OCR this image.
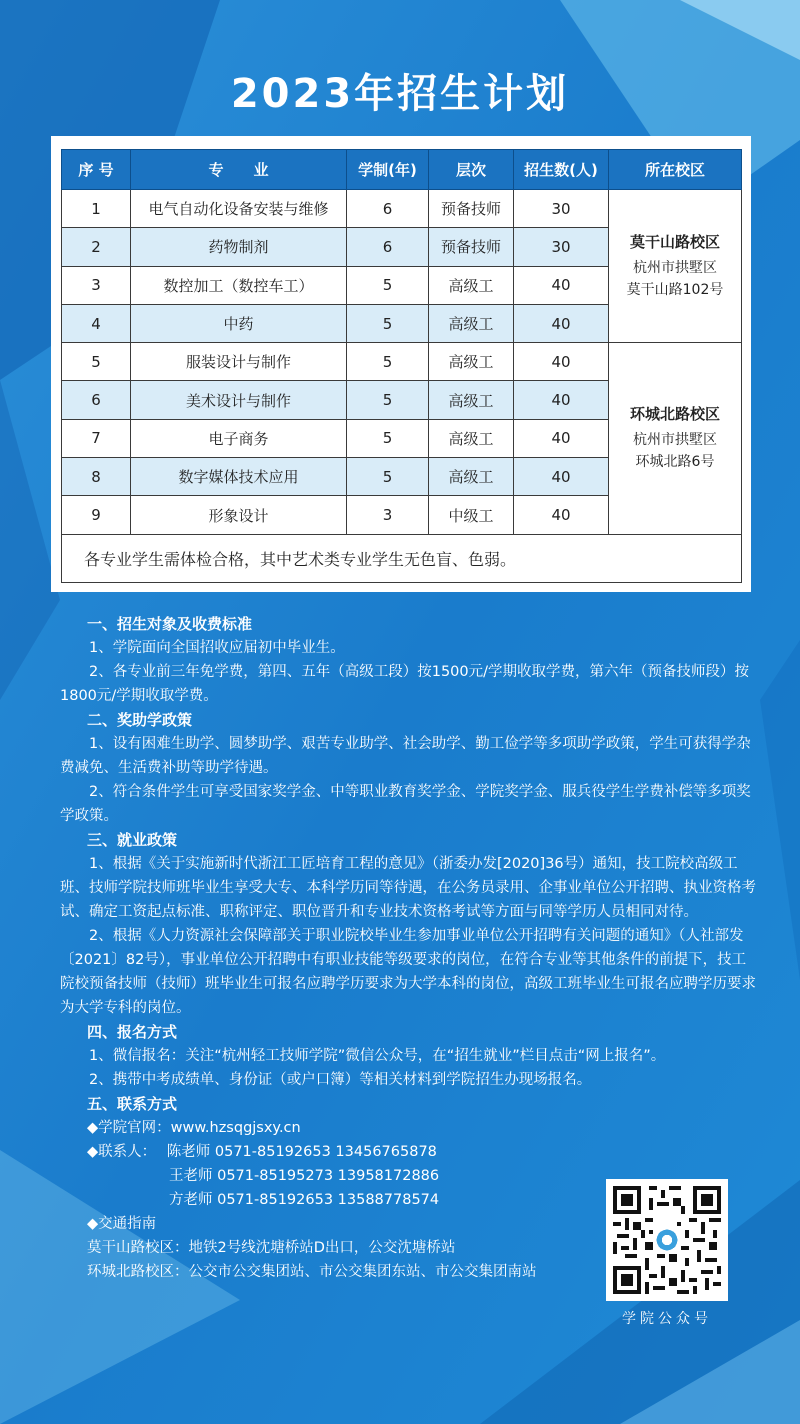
2023年招生计划
序 号	专　　业	学制(年)	层次	招生数(人)	所在校区
1	电气自动化设备安装与维修	6	预备技师	30	莫干山路校区
杭州市拱墅区
莫干山路102号
2	药物制剂	6	预备技师	30	
3	数控加工（数控车工）	5	高级工	40	
4	中药	5	高级工	40	
5	服装设计与制作	5	高级工	40	环城北路校区
杭州市拱墅区
环城北路6号
6	美术设计与制作	5	高级工	40	
7	电子商务	5	高级工	40	
8	数字媒体技术应用	5	高级工	40	
9	形象设计	3	中级工	40	
各专业学生需体检合格，其中艺术类专业学生无色盲、色弱。					
一、招生对象及收费标准

1、学院面向全国招收应届初中毕业生。

2、各专业前三年免学费，第四、五年（高级工段）按1500元/学期收取学费，第六年（预备技师段）按1800元/学期收取学费。

二、奖助学政策

1、设有困难生助学、圆梦助学、艰苦专业助学、社会助学、勤工俭学等多项助学政策，学生可获得学杂费减免、生活费补助等助学待遇。

2、符合条件学生可享受国家奖学金、中等职业教育奖学金、学院奖学金、服兵役学生学费补偿等多项奖学政策。

三、就业政策

1、根据《关于实施新时代浙江工匠培育工程的意见》（浙委办发[2020]36号）通知，技工院校高级工班、技师学院技师班毕业生享受大专、本科学历同等待遇，在公务员录用、企事业单位公开招聘、执业资格考试、确定工资起点标准、职称评定、职位晋升和专业技术资格考试等方面与同等学历人员相同对待。

2、根据《人力资源社会保障部关于职业院校毕业生参加事业单位公开招聘有关问题的通知》（人社部发〔2021〕82号），事业单位公开招聘中有职业技能等级要求的岗位，在符合专业等其他条件的前提下，技工院校预备技师（技师）班毕业生可报名应聘学历要求为大学本科的岗位，高级工班毕业生可报名应聘学历要求为大学专科的岗位。

四、报名方式

1、微信报名：关注“杭州轻工技师学院”微信公众号，在“招生就业”栏目点击“网上报名”。

2、携带中考成绩单、身份证（或户口簿）等相关材料到学院招生办现场报名。

五、联系方式
◆学院官网：www.hzsqgjsxy.cn
◆联系人： 陈老师 0571-85192653 13456765878
王老师 0571-85195273 13958172886
方老师 0571-85192653 13588778574
◆交通指南
莫干山路校区：地铁2号线沈塘桥站D出口，公交沈塘桥站
环城北路校区：公交市公交集团站、市公交集团东站、市公交集团南站
学院公众号
